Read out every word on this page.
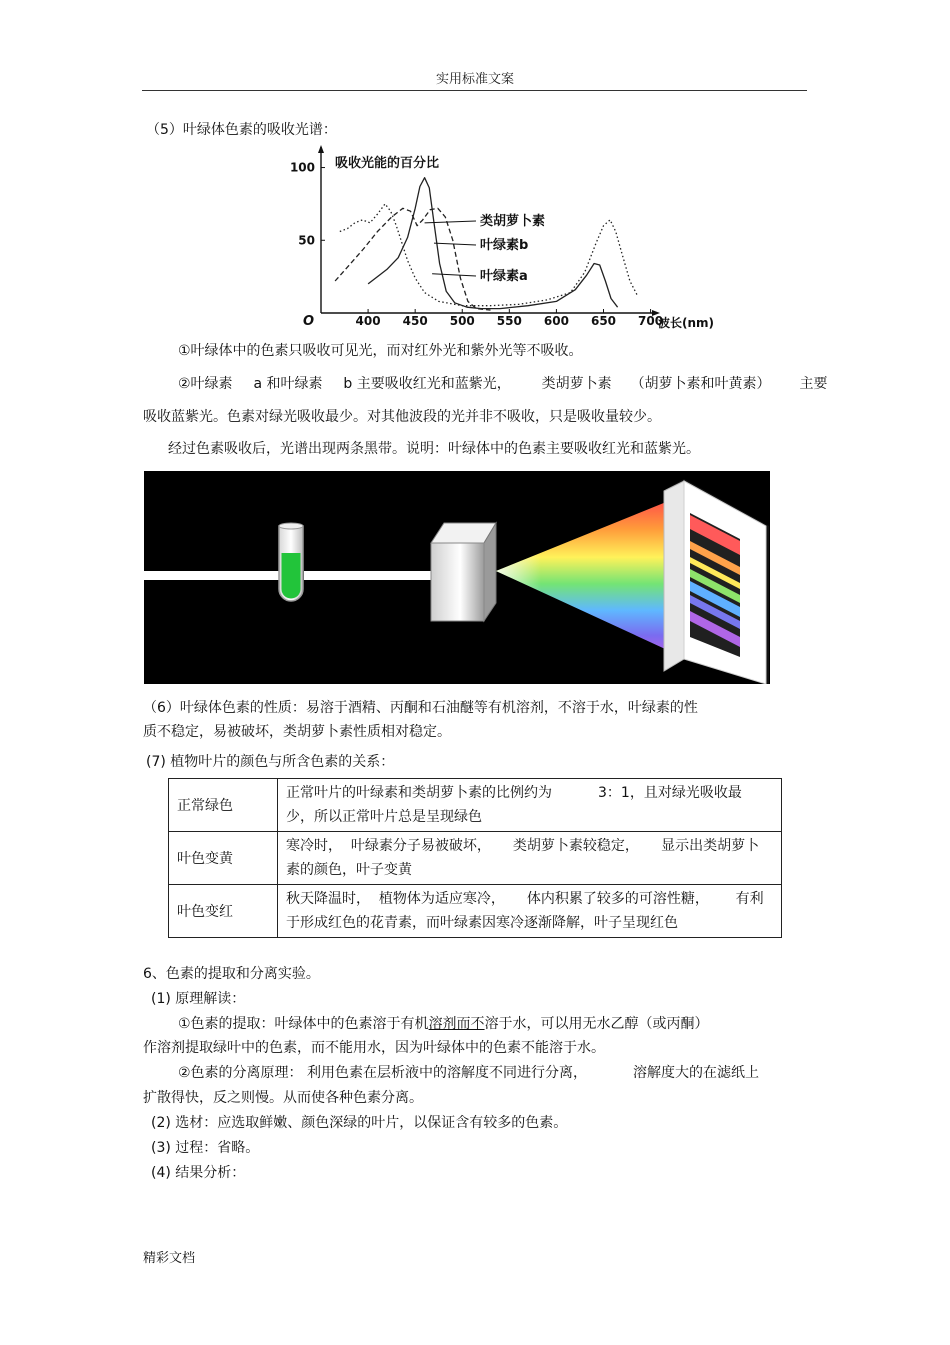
实用标准文案
（5）叶绿体色素的吸收光谱：
O	400 450 500 550 600 650 700
50
100 吸收光能的百分比
波长(nm)
类胡萝卜素
叶绿素b
叶绿素a
①叶绿体中的色素只吸收可见光，而对红外光和紫外光等不吸收。
②叶绿素 a 和叶绿素 b 主要吸收红光和蓝紫光， 类胡萝卜素 （胡萝卜素和叶黄素） 主要
吸收蓝紫光。色素对绿光吸收最少。对其他波段的光并非不吸收，只是吸收量较少。
经过色素吸收后，光谱出现两条黑带。说明：叶绿体中的色素主要吸收红光和蓝紫光。
（6）叶绿体色素的性质：易溶于酒精、丙酮和石油醚等有机溶剂，不溶于水，叶绿素的性
质不稳定，易被破坏，类胡萝卜素性质相对稳定。
(7) 植物叶片的颜色与所含色素的关系：
正常绿色	正常叶片的叶绿素和类胡萝卜素的比例约为 3：1，且对绿光吸收最
少，所以正常叶片总是呈现绿色

叶色变黄	寒冷时，  叶绿素分子易被破坏， 类胡萝卜素较稳定，     显示出类胡萝卜
素的颜色，叶子变黄

叶色变红	秋天降温时，  植物体为适应寒冷， 体内积累了较多的可溶性糖，      有利
于形成红色的花青素，而叶绿素因寒冷逐渐降解，叶子呈现红色
6、色素的提取和分离实验。
(1) 原理解读：
①色素的提取：叶绿体中的色素溶于有机溶剂而不溶于水，可以用无水乙醇（或丙酮）
作溶剂提取绿叶中的色素，而不能用水，因为叶绿体中的色素不能溶于水。
②色素的分离原理： 利用色素在层析液中的溶解度不同进行分离，	溶解度大的在滤纸上
扩散得快，反之则慢。从而使各种色素分离。
(2) 选材：应选取鲜嫩、颜色深绿的叶片，以保证含有较多的色素。
(3) 过程：省略。
(4) 结果分析：
精彩文档
